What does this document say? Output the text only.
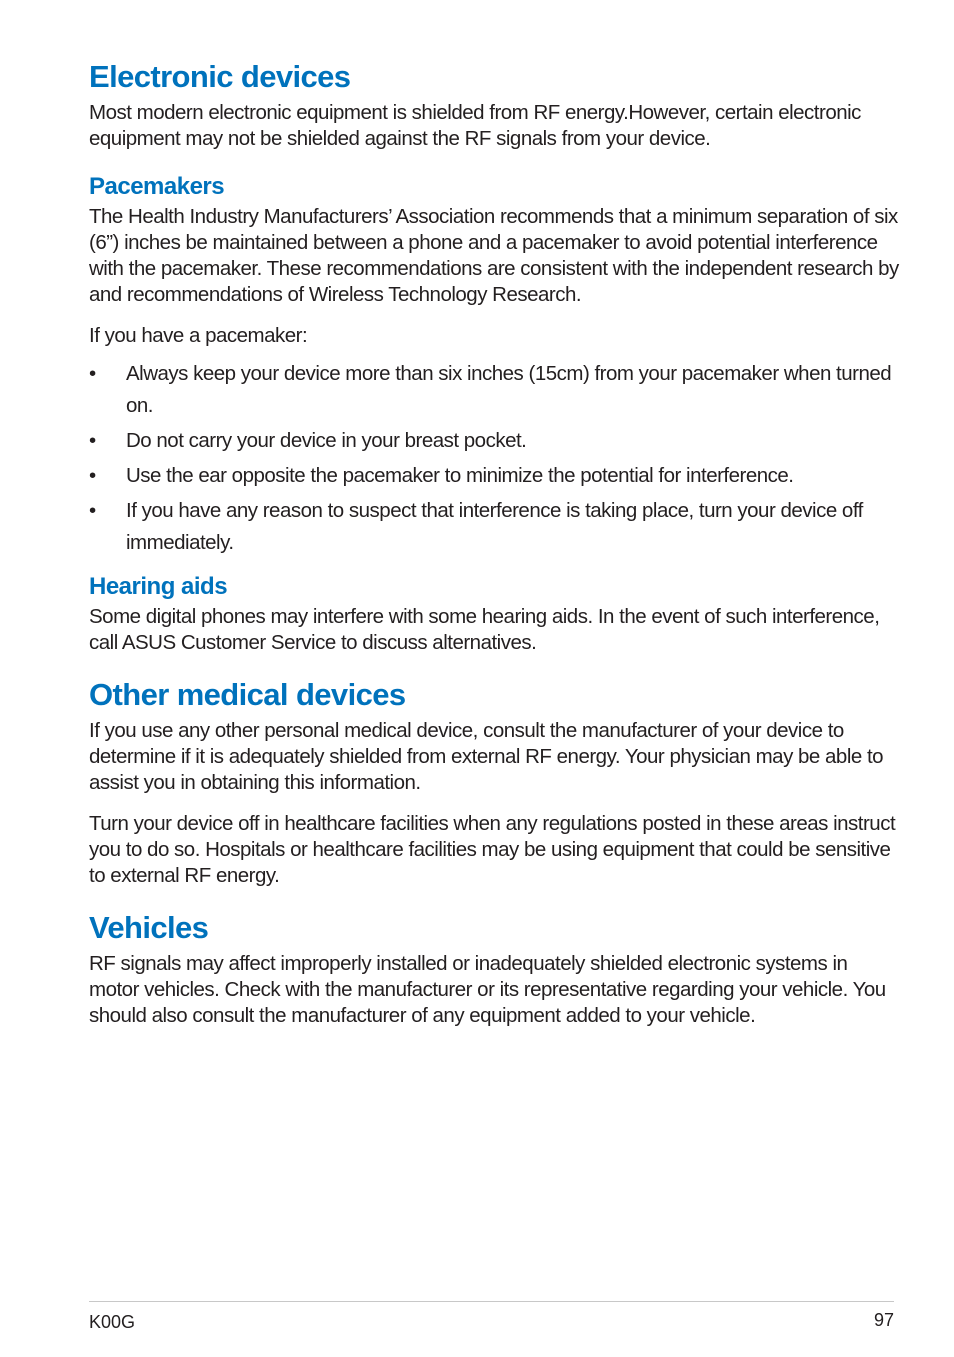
Electronic devices

Most modern electronic equipment is shielded from RF energy.However, certain electronic equipment may not be shielded against the RF signals from your device.

Pacemakers

The Health Industry Manufacturers’ Association recommends that a minimum separation of six (6”) inches be maintained between a phone and a pacemaker to avoid potential interference with the pacemaker. These recommendations are consistent with the independent research by and recommendations of Wireless Technology Research.

If you have a pacemaker:

• Always keep your device more than six inches (15cm) from your pacemaker when turned on.
• Do not carry your device in your breast pocket.
• Use the ear opposite the pacemaker to minimize the potential for interference.
• If you have any reason to suspect that interference is taking place, turn your device off immediately.
Hearing aids

Some digital phones may interfere with some hearing aids. In the event of such interference, call ASUS Customer Service to discuss alternatives.

Other medical devices

If you use any other personal medical device, consult the manufacturer of your device to determine if it is adequately shielded from external RF energy. Your physician may be able to assist you in obtaining this information.

Turn your device off in healthcare facilities when any regulations posted in these areas instruct you to do so. Hospitals or healthcare facilities may be using equipment that could be sensitive to external RF energy.

Vehicles

RF signals may affect improperly installed or inadequately shielded electronic systems in motor vehicles. Check with the manufacturer or its representative regarding your vehicle. You should also consult the manufacturer of any equipment added to your vehicle.

K00G	97
